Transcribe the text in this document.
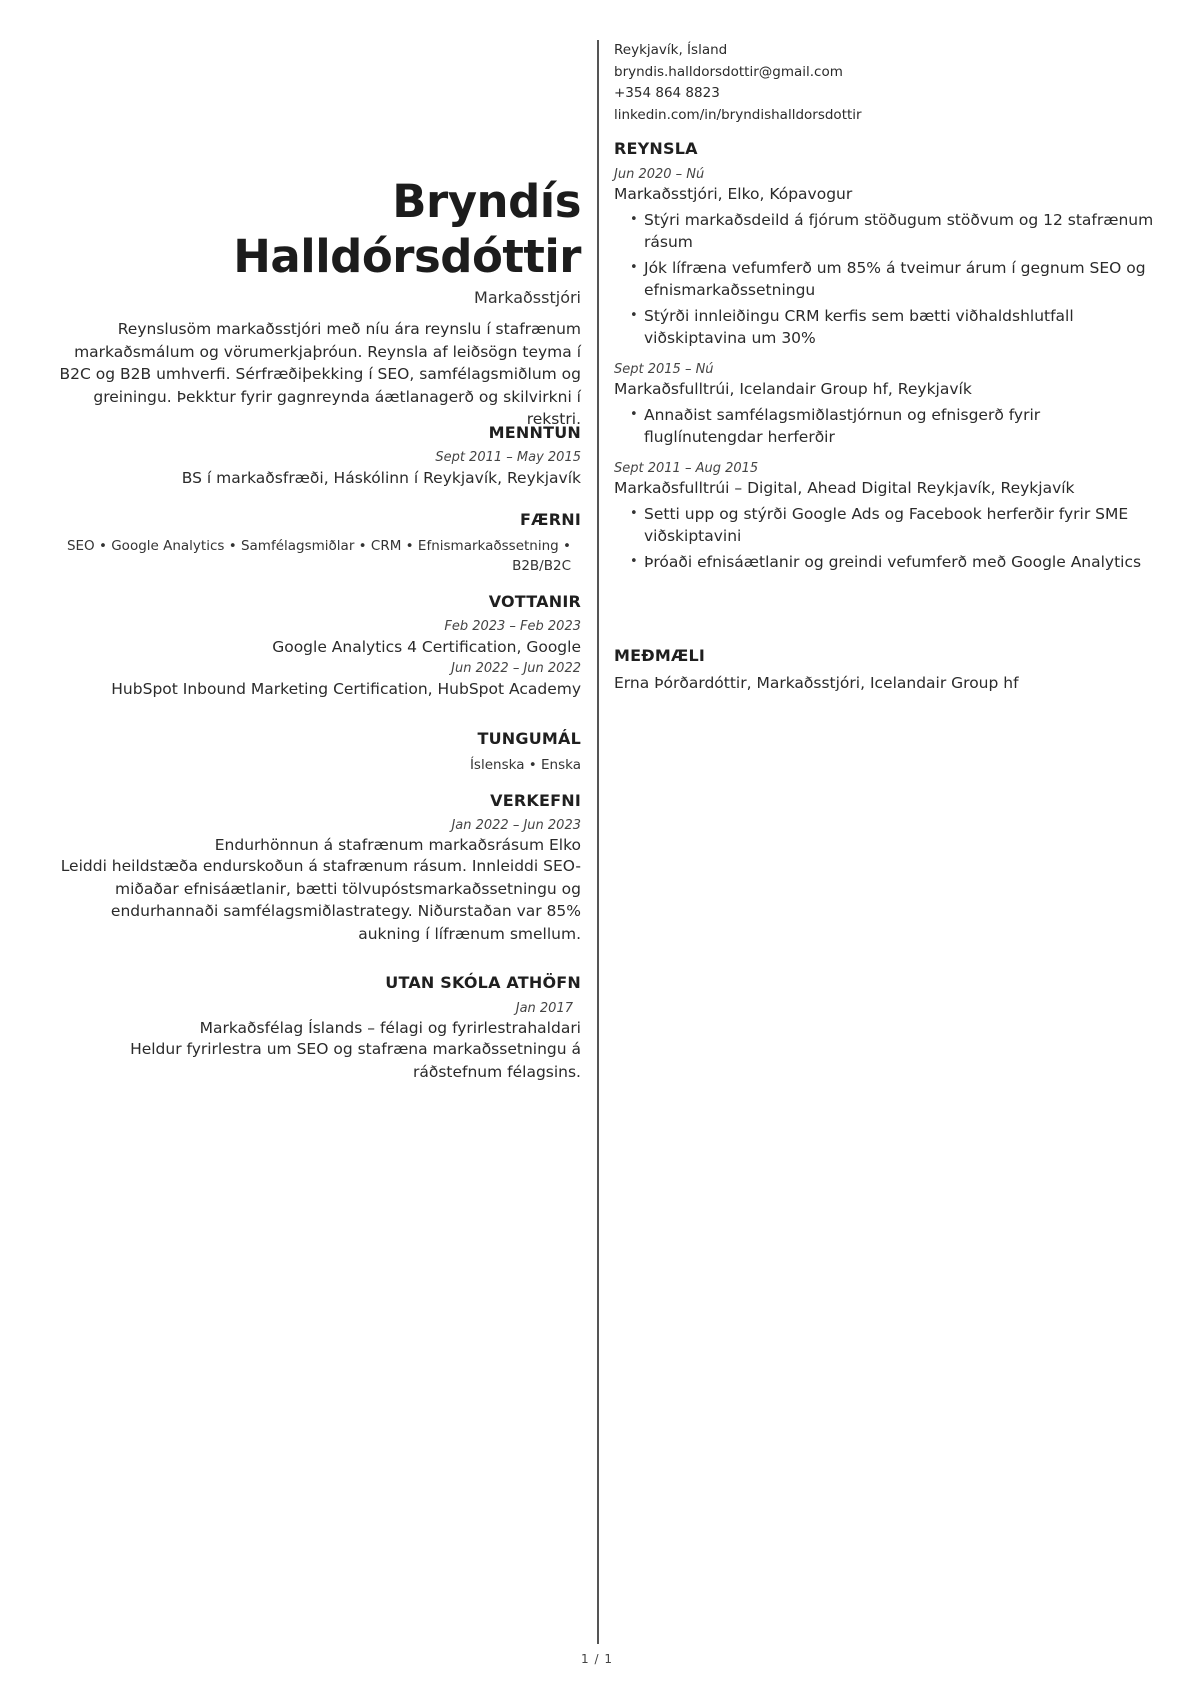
Bryndís
Halldórsdóttir
Markaðsstjóri

Reynslusöm markaðsstjóri með níu ára reynslu í stafrænum markaðsmálum og vörumerkjaþróun. Reynsla af leiðsögn teyma í B2C og B2B umhverfi. Sérfræðiþekking í SEO, samfélagsmiðlum og greiningu. Þekktur fyrir gagnreynda áætlanagerð og skilvirkni í rekstri.

MENNTUN
Sept 2011 – May 2015
BS í markaðsfræði, Háskólinn í Reykjavík, Reykjavík
FÆRNI
SEO • Google Analytics • Samfélagsmiðlar • CRM • Efnismarkaðssetning • B2B/B2C
VOTTANIR
Feb 2023 – Feb 2023
Google Analytics 4 Certification, Google
Jun 2022 – Jun 2022
HubSpot Inbound Marketing Certification, HubSpot Academy
TUNGUMÁL
Íslenska • Enska
VERKEFNI
Jan 2022 – Jun 2023
Endurhönnun á stafrænum markaðsrásum Elko

Leiddi heildstæða endurskoðun á stafrænum rásum. Innleiddi SEO-miðaðar efnisáætlanir, bætti tölvupóstsmarkaðssetningu og endurhannaði samfélagsmiðlastrategy. Niðurstaðan var 85% aukning í lífrænum smellum.

UTAN SKÓLA ATHÖFN
Jan 2017
Markaðsfélag Íslands – félagi og fyrirlestrahaldari

Heldur fyrirlestra um SEO og stafræna markaðssetningu á ráðstefnum félagsins.

Reykjavík, Ísland
bryndis.halldorsdottir@gmail.com
+354 864 8823
linkedin.com/in/bryndishalldorsdottir
REYNSLA
Jun 2020 – Nú
Markaðsstjóri, Elko, Kópavogur
• Stýri markaðsdeild á fjórum stöðugum stöðvum og 12 stafrænum rásum
• Jók lífræna vefumferð um 85% á tveimur árum í gegnum SEO og efnismarkaðssetningu
• Stýrði innleiðingu CRM kerfis sem bætti viðhaldshlutfall viðskiptavina um 30%
Sept 2015 – Nú
Markaðsfulltrúi, Icelandair Group hf, Reykjavík
• Annaðist samfélagsmiðlastjórnun og efnisgerð fyrir fluglínutengdar herferðir
Sept 2011 – Aug 2015
Markaðsfulltrúi – Digital, Ahead Digital Reykjavík, Reykjavík
• Setti upp og stýrði Google Ads og Facebook herferðir fyrir SME viðskiptavini
• Þróaði efnisáætlanir og greindi vefumferð með Google Analytics
MEÐMÆLI
Erna Þórðardóttir, Markaðsstjóri, Icelandair Group hf
1 / 1
